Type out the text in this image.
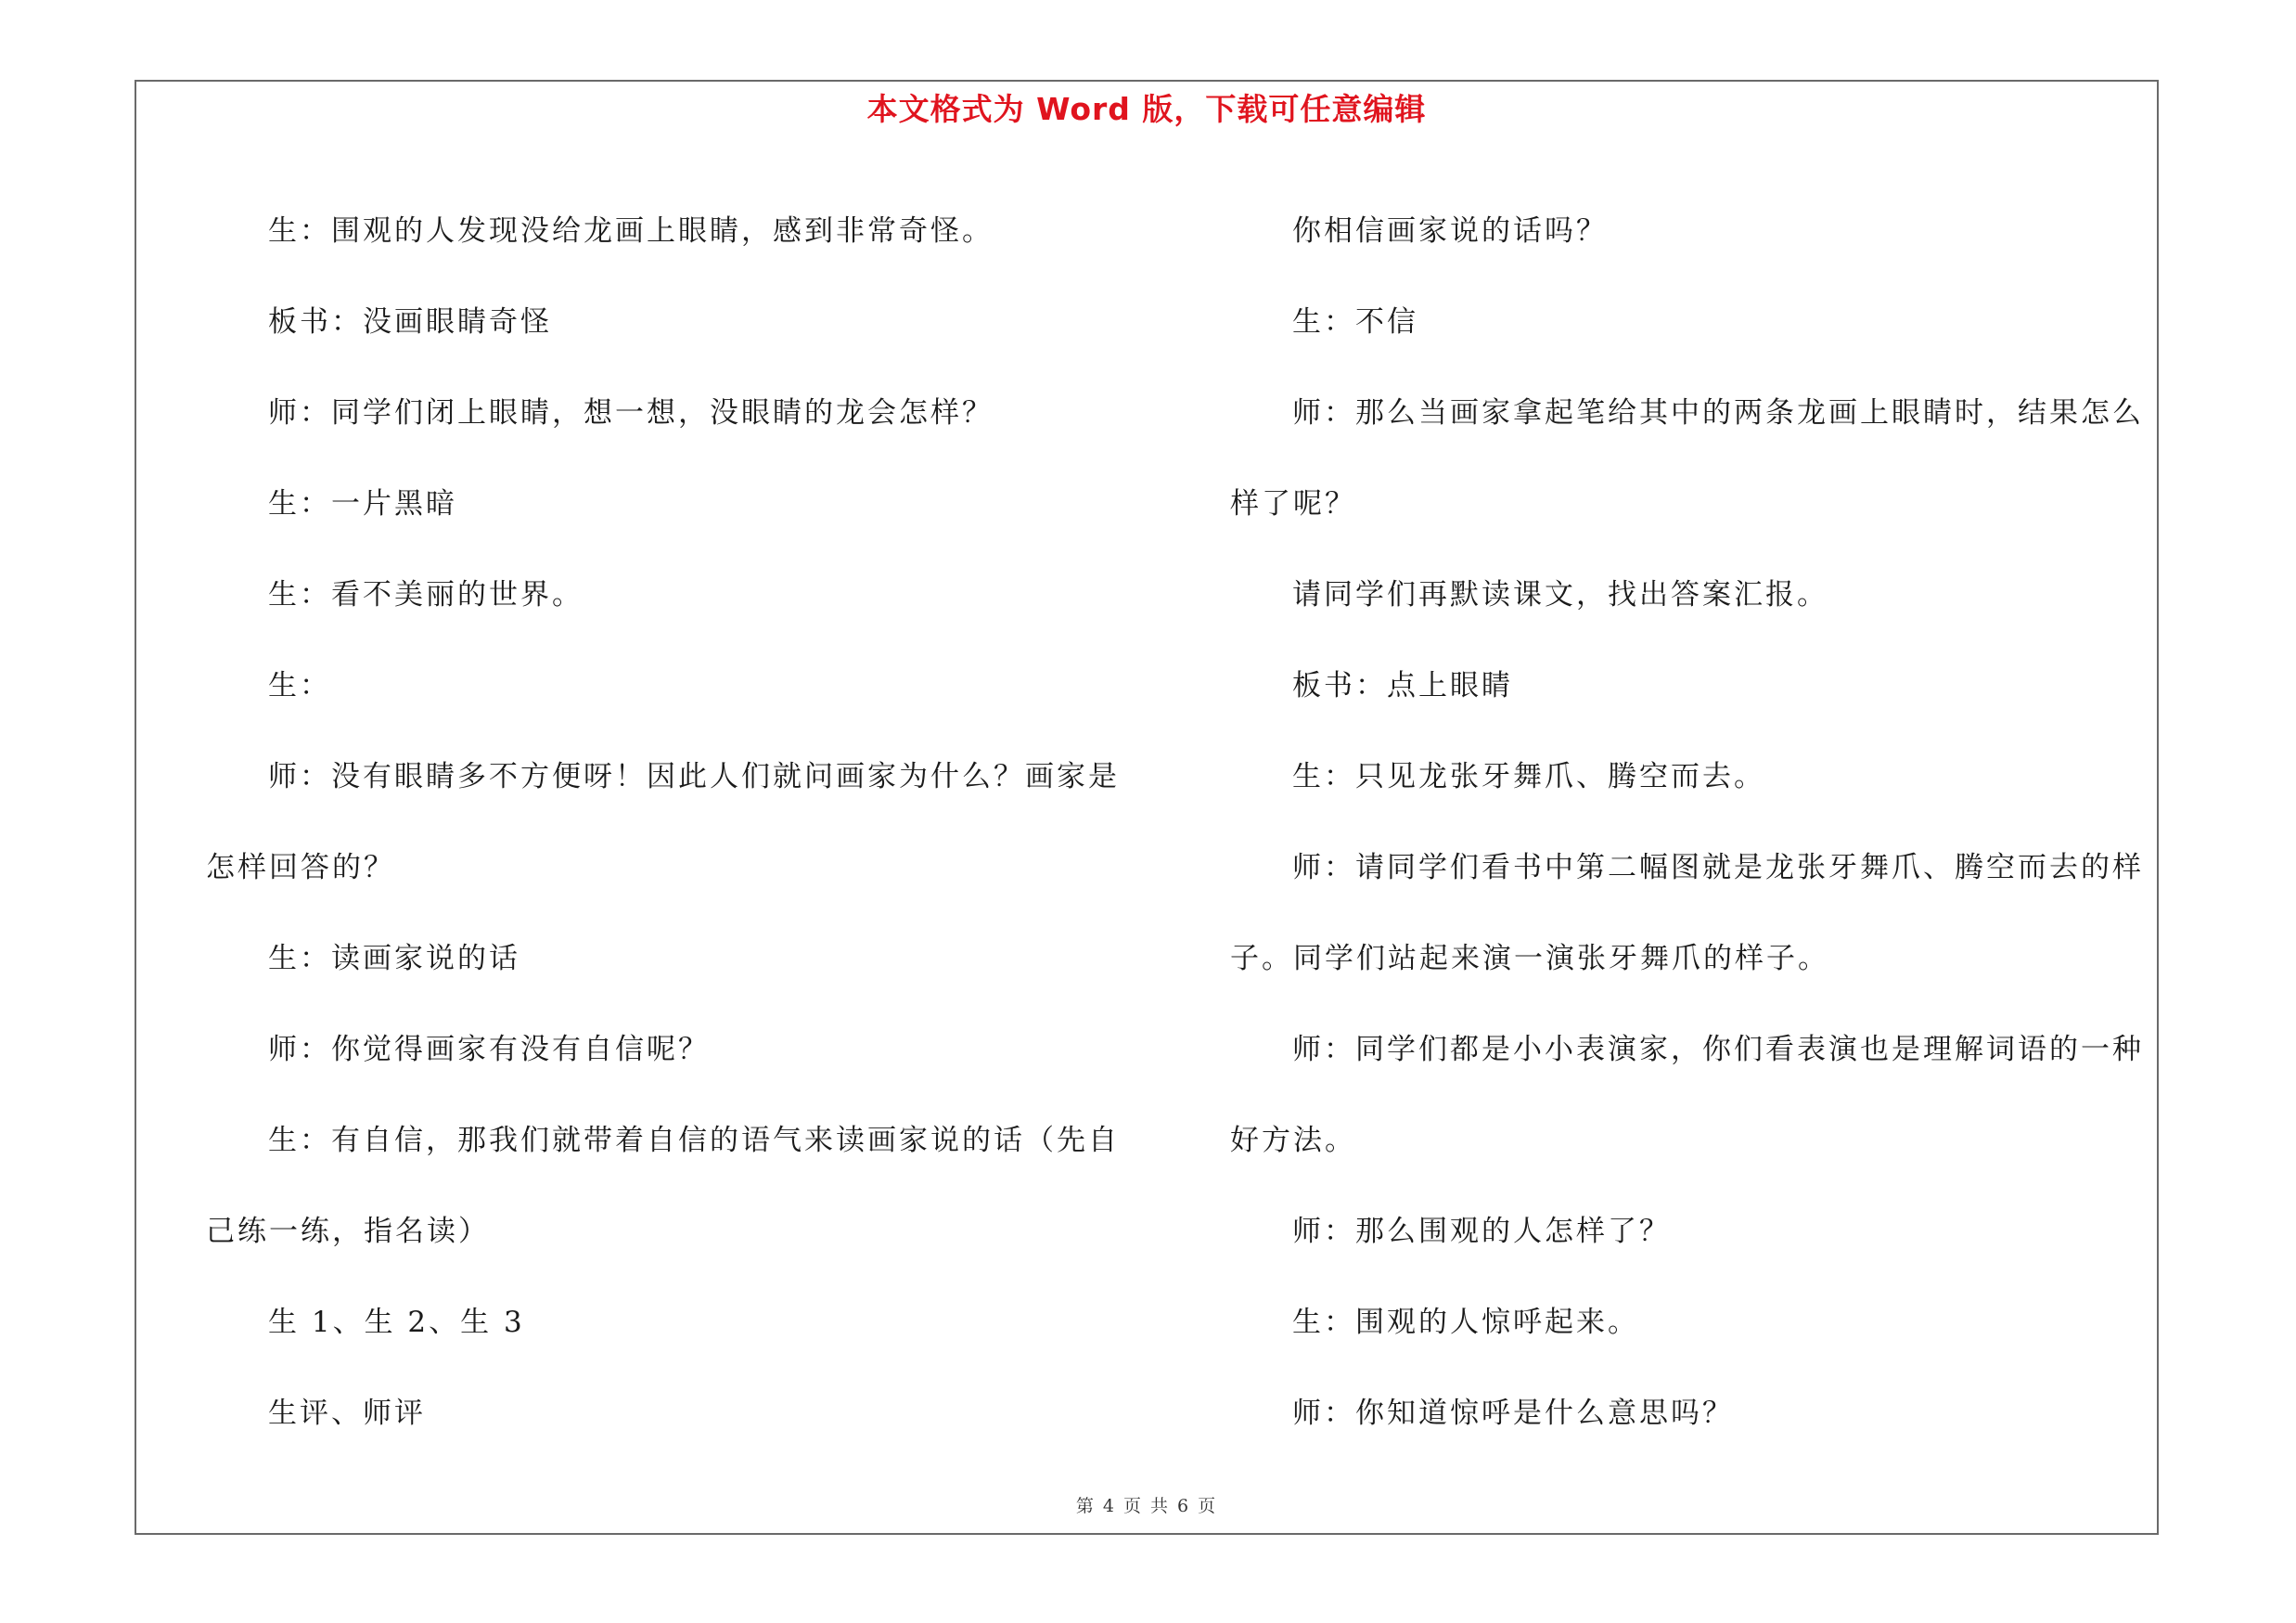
本文格式为 Word 版，下载可任意编辑

生：围观的人发现没给龙画上眼睛，感到非常奇怪。

板书：没画眼睛奇怪

师：同学们闭上眼睛，想一想，没眼睛的龙会怎样？

生：一片黑暗

生：看不美丽的世界。

生：

师：没有眼睛多不方便呀！因此人们就问画家为什么？画家是怎样回答的？

生：读画家说的话

师：你觉得画家有没有自信呢？

生：有自信，那我们就带着自信的语气来读画家说的话（先自己练一练，指名读）

生 1、生 2、生 3

生评、师评

你相信画家说的话吗？

生：不信

师：那么当画家拿起笔给其中的两条龙画上眼睛时，结果怎么样了呢？

请同学们再默读课文，找出答案汇报。

板书：点上眼睛

生：只见龙张牙舞爪、腾空而去。

师：请同学们看书中第二幅图就是龙张牙舞爪、腾空而去的样子。同学们站起来演一演张牙舞爪的样子。

师：同学们都是小小表演家，你们看表演也是理解词语的一种好方法。

师：那么围观的人怎样了？

生：围观的人惊呼起来。

师：你知道惊呼是什么意思吗？

第 4 页 共 6 页
